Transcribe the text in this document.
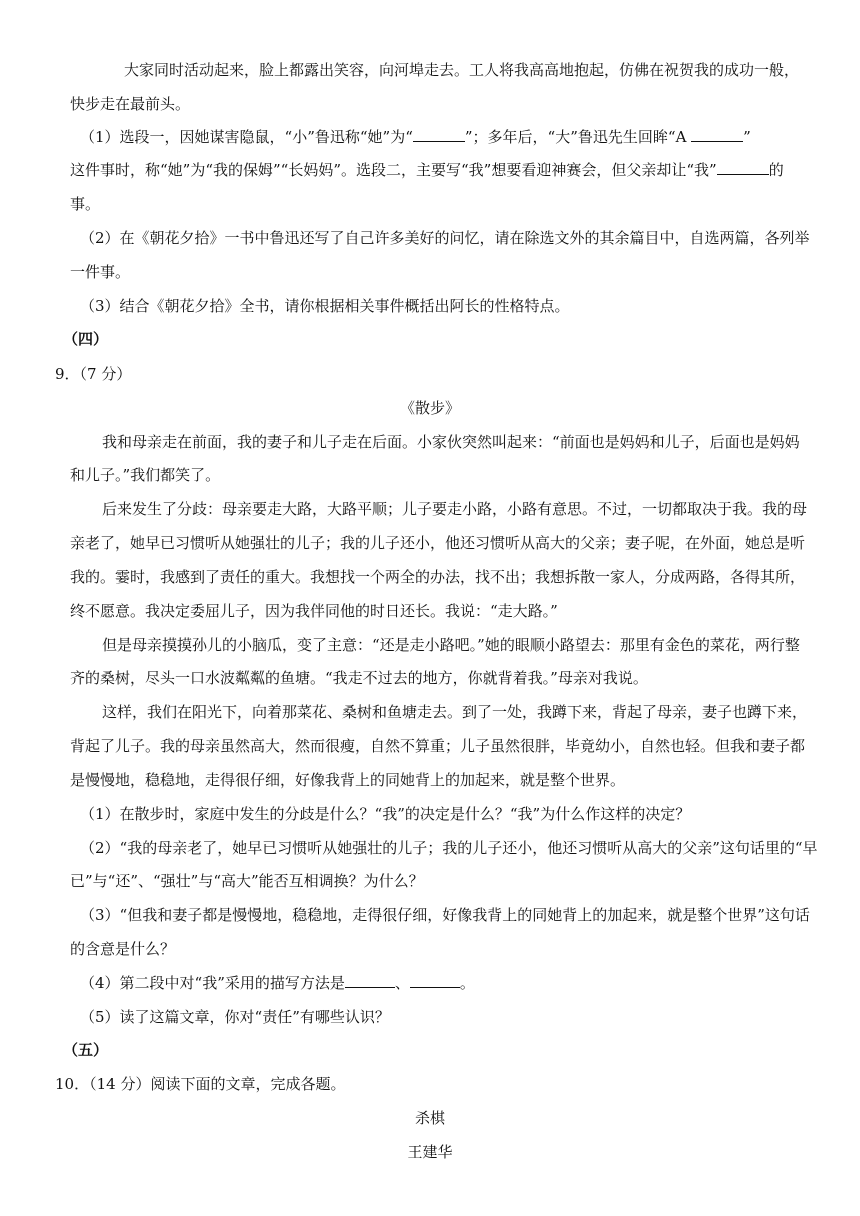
大家同时活动起来，脸上都露出笑容，向河埠走去。工人将我高高地抱起，仿佛在祝贺我的成功一般，
快步走在最前头。
（1）选段一，因她谋害隐鼠，“小”鲁迅称“她”为“	”；多年后，“大”鲁迅先生回眸“A	”
这件事时，称“她”为“我的保姆”“长妈妈”。选段二，主要写“我”想要看迎神赛会，但父亲却让“我”	的
事。
（2）在《朝花夕拾》一书中鲁迅还写了自己许多美好的问忆，请在除选文外的其余篇目中，自选两篇，各列举
一件事。
（3）结合《朝花夕拾》全书，请你根据相关事件概括出阿长的性格特点。
（四）
9．（7 分）
《散步》
我和母亲走在前面，我的妻子和儿子走在后面。小家伙突然叫起来：“前面也是妈妈和儿子，后面也是妈妈
和儿子。”我们都笑了。
后来发生了分歧：母亲要走大路，大路平顺；儿子要走小路，小路有意思。不过，一切都取决于我。我的母
亲老了，她早已习惯听从她强壮的儿子；我的儿子还小，他还习惯听从高大的父亲；妻子呢，在外面，她总是听
我的。霎时，我感到了责任的重大。我想找一个两全的办法，找不出；我想拆散一家人，分成两路，各得其所，
终不愿意。我决定委屈儿子，因为我伴同他的时日还长。我说：“走大路。”
但是母亲摸摸孙儿的小脑瓜，变了主意：“还是走小路吧。”她的眼顺小路望去：那里有金色的菜花，两行整
齐的桑树，尽头一口水波粼粼的鱼塘。“我走不过去的地方，你就背着我。”母亲对我说。
这样，我们在阳光下，向着那菜花、桑树和鱼塘走去。到了一处，我蹲下来，背起了母亲，妻子也蹲下来，
背起了儿子。我的母亲虽然高大，然而很瘦，自然不算重；儿子虽然很胖，毕竟幼小，自然也轻。但我和妻子都
是慢慢地，稳稳地，走得很仔细，好像我背上的同她背上的加起来，就是整个世界。
（1）在散步时，家庭中发生的分歧是什么？“我”的决定是什么？“我”为什么作这样的决定？
（2）“我的母亲老了，她早已习惯听从她强壮的儿子；我的儿子还小，他还习惯听从高大的父亲”这句话里的“早
已”与“还”、“强壮”与“高大”能否互相调换？为什么？
（3）“但我和妻子都是慢慢地，稳稳地，走得很仔细，好像我背上的同她背上的加起来，就是整个世界”这句话
的含意是什么？
（4）第二段中对“我”采用的描写方法是	、	。
（5）读了这篇文章，你对“责任”有哪些认识？
（五）
10．（14 分）阅读下面的文章，完成各题。
杀棋
王建华
